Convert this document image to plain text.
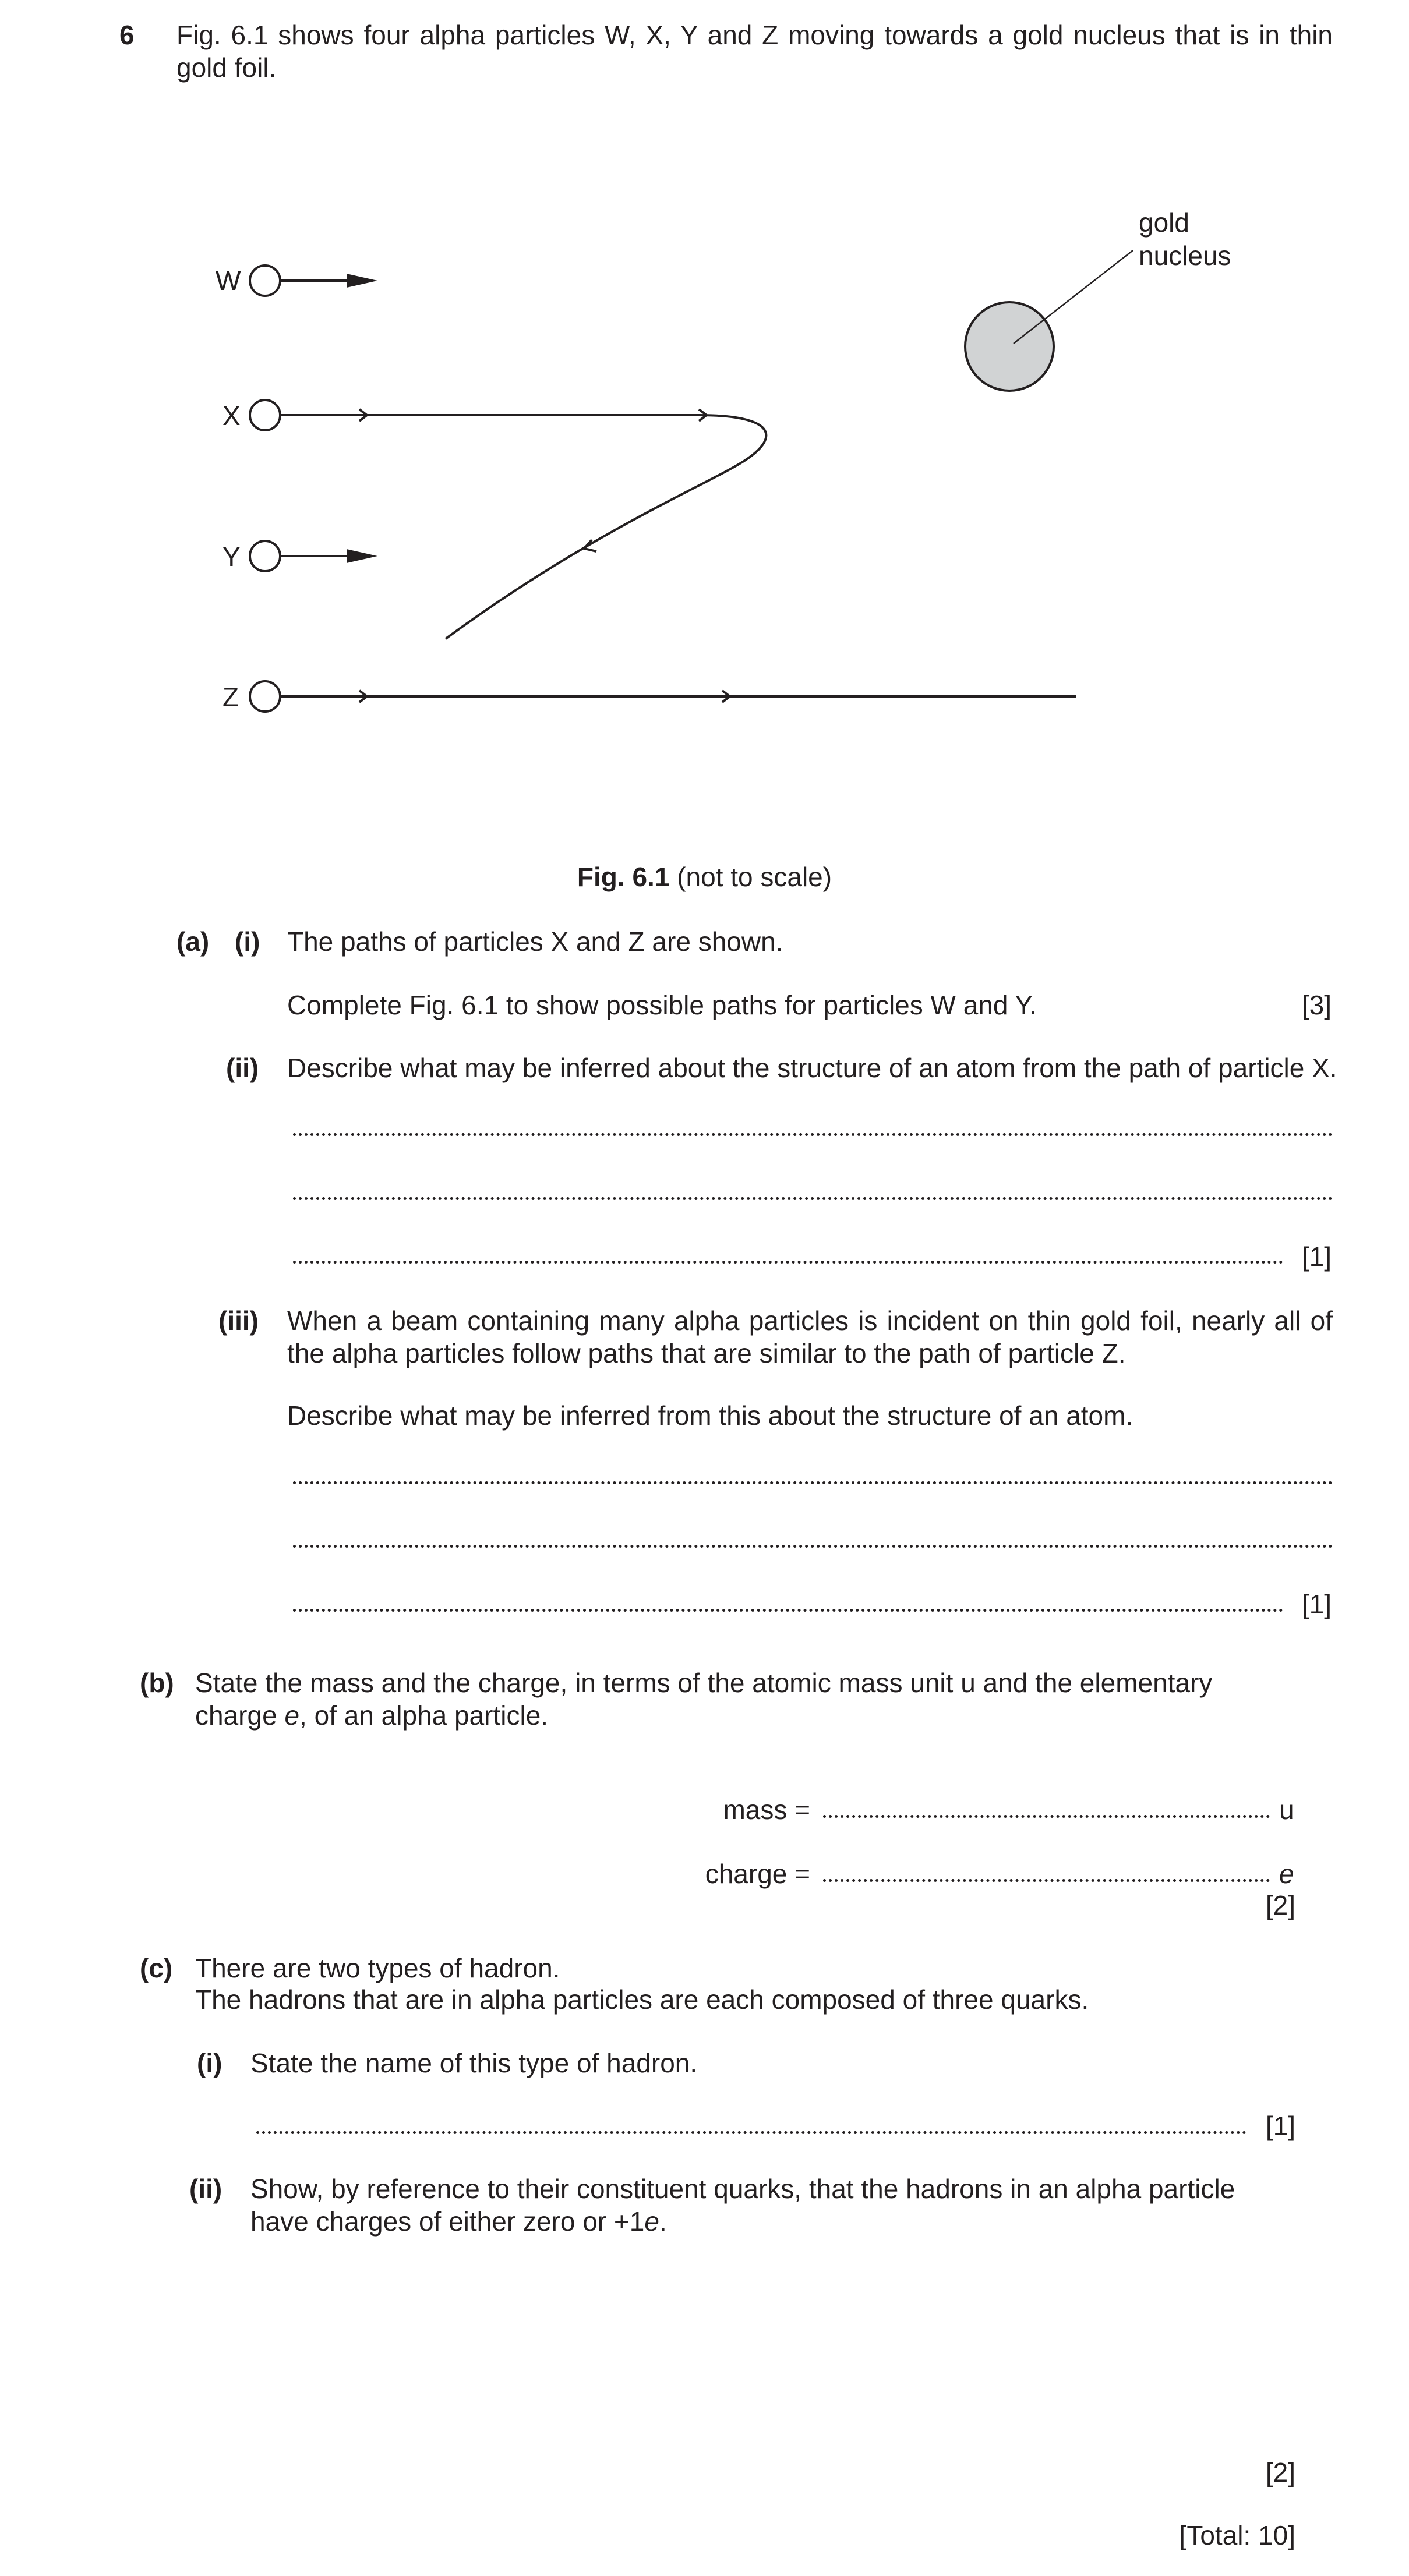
6 Fig. 6.1 shows four alpha particles W, X, Y and Z moving towards a gold nucleus that is in thin gold foil.
W
X
Y
Z
gold
nucleus
Fig. 6.1 (not to scale)
(a) (i) The paths of particles X and Z are shown.
Complete Fig. 6.1 to show possible paths for particles W and Y.	[3]
(ii) Describe what may be inferred about the structure of an atom from the path of particle X.
[1]
(iii) When a beam containing many alpha particles is incident on thin gold foil, nearly all of the alpha particles follow paths that are similar to the path of particle Z.
Describe what may be inferred from this about the structure of an atom.
[1]
(b) State the mass and the charge, in terms of the atomic mass unit u and the elementary charge e, of an alpha particle.
mass =	u
charge =	e
[2]
(c) There are two types of hadron.
The hadrons that are in alpha particles are each composed of three quarks.
(i) State the name of this type of hadron.
[1]
(ii) Show, by reference to their constituent quarks, that the hadrons in an alpha particle have charges of either zero or +1e.
[2]
[Total: 10]
